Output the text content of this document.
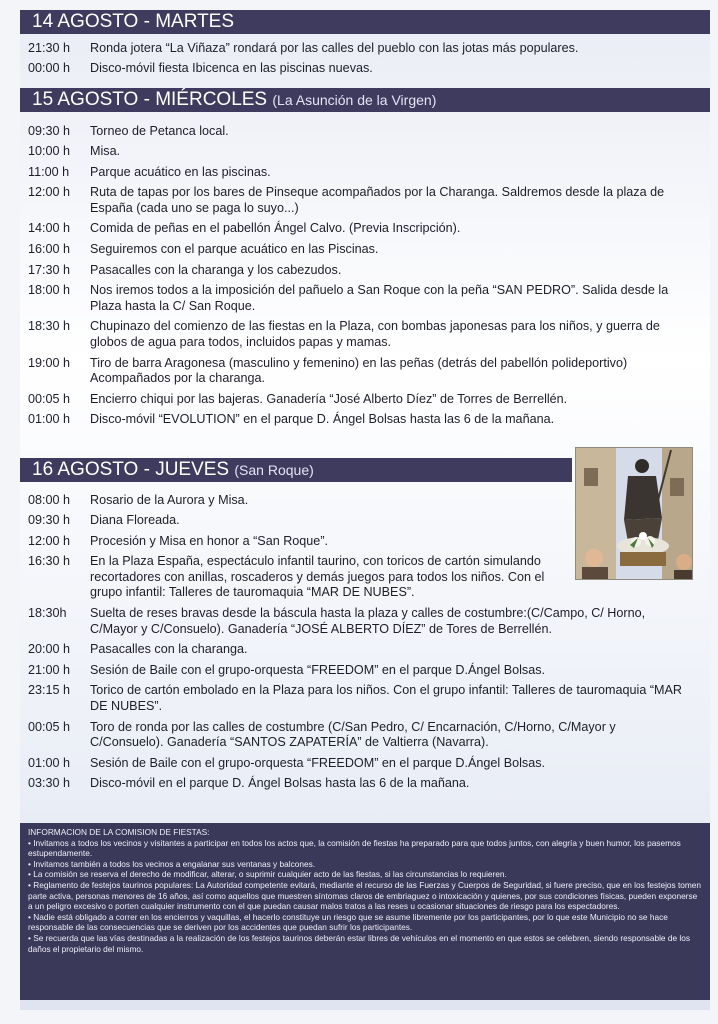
14 AGOSTO - MARTES
21:30 h	Ronda jotera “La Viñaza” rondará por las calles del pueblo con las jotas más populares.
00:00 h	Disco-móvil fiesta Ibicenca en las piscinas nuevas.
15 AGOSTO - MIÉRCOLES (La Asunción de la Virgen)
09:30 h	Torneo de Petanca local.
10:00 h	Misa.
11:00 h	Parque acuático en las piscinas.
12:00 h	Ruta de tapas por los bares de Pinseque acompañados por la Charanga. Saldremos desde la plaza de España (cada uno se paga lo suyo...)
14:00 h	Comida de peñas en el pabellón Ángel Calvo. (Previa Inscripción).
16:00 h	Seguiremos con el parque acuático en las Piscinas.
17:30 h	Pasacalles con la charanga y los cabezudos.
18:00 h	Nos iremos todos a la imposición del pañuelo a San Roque con la peña “SAN PEDRO”. Salida desde la Plaza hasta la C/ San Roque.
18:30 h	Chupinazo del comienzo de las fiestas en la Plaza, con bombas japonesas para los niños, y guerra de globos de agua para todos, incluidos papas y mamas.
19:00 h	Tiro de barra Aragonesa (masculino y femenino) en las peñas (detrás del pabellón polideportivo) Acompañados por la charanga.
00:05 h	Encierro chiqui por las bajeras. Ganadería “José Alberto Díez” de Torres de Berrellén.
01:00 h	Disco-móvil “EVOLUTION” en el parque D. Ángel Bolsas hasta las 6 de la mañana.
16 AGOSTO - JUEVES (San Roque)
08:00 h	Rosario de la Aurora y Misa.
09:30 h	Diana Floreada.
12:00 h	Procesión y Misa en honor a “San Roque”.
16:30 h	En la Plaza España, espectáculo infantil taurino, con toricos de cartón simulando recortadores con anillas, roscaderos y demás juegos para todos los niños. Con el grupo infantil: Talleres de tauromaquia “MAR DE NUBES”.
18:30h	Suelta de reses bravas desde la báscula hasta la plaza y calles de costumbre:(C/Campo, C/ Horno, C/Mayor y C/Consuelo). Ganadería “JOSÉ ALBERTO DÍEZ” de Tores de Berrellén.
20:00 h	Pasacalles con la charanga.
21:00 h	Sesión de Baile con el grupo-orquesta “FREEDOM” en el parque D.Ángel Bolsas.
23:15 h	Torico de cartón embolado en la Plaza para los niños. Con el grupo infantil: Talleres de tauromaquia “MAR DE NUBES”.
00:05 h	Toro de ronda por las calles de costumbre (C/San Pedro, C/ Encarnación, C/Horno, C/Mayor y C/Consuelo). Ganadería “SANTOS ZAPATERÍA” de Valtierra (Navarra).
01:00 h	Sesión de Baile con el grupo-orquesta “FREEDOM” en el parque D.Ángel Bolsas.
03:30 h	Disco-móvil en el parque D. Ángel Bolsas hasta las 6 de la mañana.

INFORMACION DE LA COMISION DE FIESTAS:

• Invitamos a todos los vecinos y visitantes a participar en todos los actos que, la comisión de fiestas ha preparado para que todos juntos, con alegría y buen humor, los pasemos estupendamente.

• Invitamos también a todos los vecinos a engalanar sus ventanas y balcones.

• La comisión se reserva el derecho de modificar, alterar, o suprimir cualquier acto de las fiestas, si las circunstancias lo requieren.

• Reglamento de festejos taurinos populares: La Autoridad competente evitará, mediante el recurso de las Fuerzas y Cuerpos de Seguridad, si fuere preciso, que en los festejos tomen parte activa, personas menores de 16 años, así como aquellos que muestren síntomas claros de embriaguez o intoxicación y quienes, por sus condiciones físicas, pueden exponerse a un peligro excesivo o porten cualquier instrumento con el que puedan causar malos tratos a las reses u ocasionar situaciones de riesgo para los espectadores.

• Nadie está obligado a correr en los encierros y vaquillas, el hacerlo constituye un riesgo que se asume libremente por los participantes, por lo que este Municipio no se hace responsable de las consecuencias que se deriven por los accidentes que puedan sufrir los participantes.

• Se recuerda que las vías destinadas a la realización de los festejos taurinos deberán estar libres de vehículos en el momento en que estos se celebren, siendo responsable de los daños el propietario del mismo.
